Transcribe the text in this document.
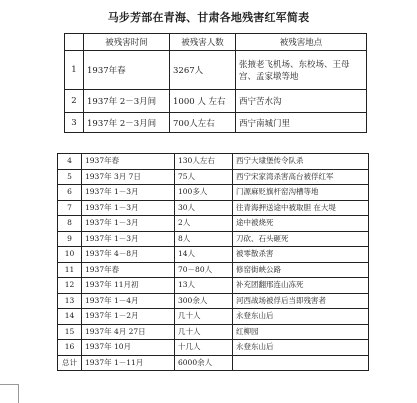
马步芳部在青海、甘肃各地残害红军简表
	被残害时间	被残害人数	被残害地点
1	1937年春	3267人	张掖老飞机场、东校场、王母宫、孟家墩等地
2	1937年 2－3月间	1000 人 左右	西宁苦水沟
3	1937年 2－3月间	700人左右	西宁南城门里
4	1937年春	130人左右	西宁大埭堡传令队杀
5	1937年 3月 7日	75人	西宁宋家湾杀害高台被俘红军
6	1937年 1－3月	100多人	门源麻贬旗杆窑沟槽等地
7	1937年 1－3月	30人	往青海押送途中被取胆 在大堤
8	1937年 1－3月	2人	途中被烧死
9	1937年 1－3月	8人	刀砍、石头砸死
10	1937年 4－8月	14人	被零散杀害
11	1937年春	70－80人	修窑街峡公路
12	1937年 11月初	13人	补充团翻邢连山冻死
13	1937年 1－4月	300余人	河西战场被俘后当即残害者
14	1937年 1－2月	几十人	永登东山后
15	1937年 4月 27日	几十人	红柳园
16	1937年 10月	十几人	永登东山后
总计	1937年 1－11月	6000余人	
